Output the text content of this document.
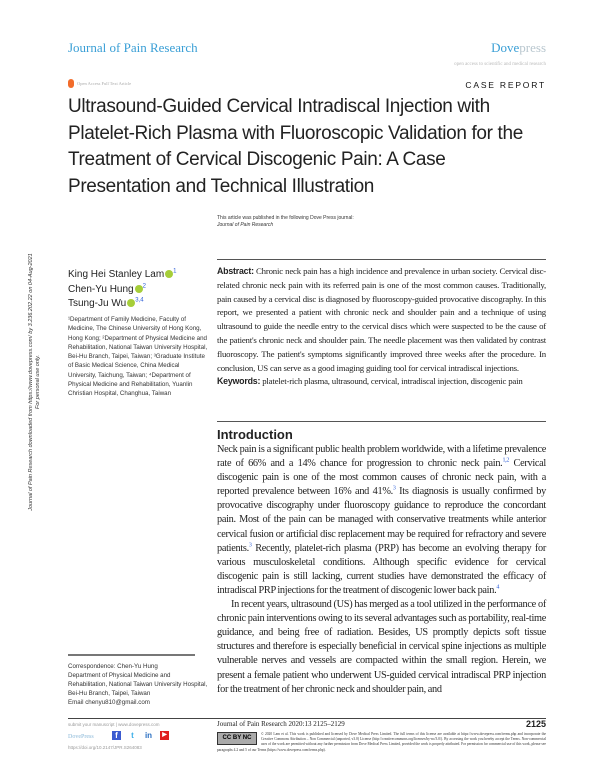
Journal of Pain Research	Dovepress
open access to scientific and medical research
Open Access Full Text Article	CASE REPORT
Ultrasound-Guided Cervical Intradiscal Injection with Platelet-Rich Plasma with Fluoroscopic Validation for the Treatment of Cervical Discogenic Pain: A Case Presentation and Technical Illustration
This article was published in the following Dove Press journal:
Journal of Pain Research
King Hei Stanley Lam $^1$
Chen-Yu Hung $^2$
Tsung-Ju Wu $^{3,4}$
¹Department of Family Medicine, Faculty of Medicine, The Chinese University of Hong Kong, Hong Kong; ²Department of Physical Medicine and Rehabilitation, National Taiwan University Hospital, Bei-Hu Branch, Taipei, Taiwan; ³Graduate Institute of Basic Medical Science, China Medical University, Taichung, Taiwan; ⁴Department of Physical Medicine and Rehabilitation, Yuanlin Christian Hospital, Changhua, Taiwan
Abstract: Chronic neck pain has a high incidence and prevalence in urban society. Cervical disc-related chronic neck pain with its referred pain is one of the most common causes. Traditionally, pain caused by a cervical disc is diagnosed by fluoroscopy-guided provocative discography. In this report, we presented a patient with chronic neck and shoulder pain and a technique of using ultrasound to guide the needle entry to the cervical discs which were suspected to be the cause of the patient's chronic neck and shoulder pain. The needle placement was then validated by contrast fluoroscopy. The patient's symptoms significantly improved three weeks after the procedure. In conclusion, US can serve as a good imaging guiding tool for cervical intradiscal injections.
Keywords: platelet-rich plasma, ultrasound, cervical, intradiscal injection, discogenic pain
Introduction

Neck pain is a significant public health problem worldwide, with a lifetime prevalence rate of 66% and a 14% chance for progression to chronic neck pain.$^{1,2}$ Cervical discogenic pain is one of the most common causes of chronic neck pain, with a reported prevalence between 16% and 41%.$^3$ Its diagnosis is usually confirmed by provocative discography under fluoroscopy guidance to reproduce the concordant pain. Most of the pain can be managed with conservative treatments while anterior cervical fusion or artificial disc replacement may be required for refractory and severe patients.$^3$ Recently, platelet-rich plasma (PRP) has become an evolving therapy for various musculoskeletal conditions. Although specific evidence for cervical discogenic pain is still lacking, current studies have demonstrated the efficacy of intradiscal PRP injections for the treatment of discogenic lower back pain.$^4$

In recent years, ultrasound (US) has merged as a tool utilized in the performance of chronic pain interventions owing to its several advantages such as portability, real-time guidance, and being free of radiation. Besides, US promptly depicts soft tissue structures and therefore is especially beneficial in cervical spine injections as multiple vulnerable nerves and vessels are compacted within the small region. Herein, we present a female patient who underwent US-guided cervical intradiscal PRP injection for the treatment of her chronic neck and shoulder pain, and

Correspondence: Chen-Yu Hung
Department of Physical Medicine and Rehabilitation, National Taiwan University Hospital, Bei-Hu Branch, Taipei, Taiwan
Email chenyu810@gmail.com
submit your manuscript | www.dovepress.com
DovePress	f	t	in	▶
https://doi.org/10.2147/JPR.S264083
Journal of Pain Research 2020:13 2125–2129	2125
CC BY NC
© 2020 Lam et al. This work is published and licensed by Dove Medical Press Limited. The full terms of this license are available at https://www.dovepress.com/terms.php and incorporate the Creative Commons Attribution – Non Commercial (unported, v3.0) License (http://creativecommons.org/licenses/by-nc/3.0/). By accessing the work you hereby accept the Terms. Non-commercial uses of the work are permitted without any further permission from Dove Medical Press Limited, provided the work is properly attributed. For permission for commercial use of this work, please see paragraphs 4.2 and 5 of our Terms (https://www.dovepress.com/terms.php).
Journal of Pain Research downloaded from https://www.dovepress.com/ by 3.236.202.22 on 04-Aug-2021
For personal use only.
